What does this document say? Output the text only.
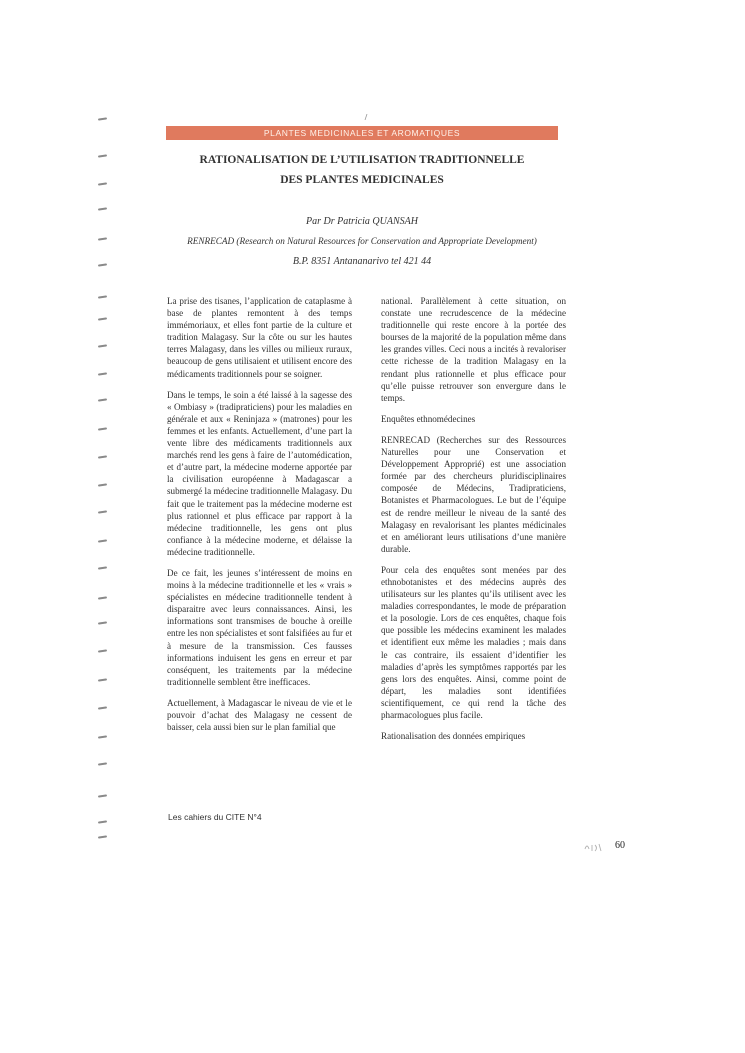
PLANTES MEDICINALES ET AROMATIQUES
RATIONALISATION DE L’UTILISATION TRADITIONNELLE
DES PLANTES MEDICINALES
Par Dr Patricia QUANSAH
RENRECAD (Research on Natural Resources for Conservation and Appropriate Development)
B.P. 8351 Antananarivo tel 421 44

La prise des tisanes, l’application de cataplasme à base de plantes remontent à des temps immémoriaux, et elles font partie de la culture et tradition Malagasy. Sur la côte ou sur les hautes terres Malagasy, dans les villes ou milieux ruraux, beaucoup de gens utilisaient et utilisent encore des médicaments traditionnels pour se soigner.

Dans le temps, le soin a été laissé à la sagesse des « Ombiasy » (tradipraticiens) pour les maladies en générale et aux « Reninjaza » (matrones) pour les femmes et les enfants. Actuellement, d’une part la vente libre des médicaments traditionnels aux marchés rend les gens à faire de l’automédication, et d’autre part, la médecine moderne apportée par la civilisation européenne à Madagascar a submergé la médecine traditionnelle Malagasy. Du fait que le traitement pas la médecine moderne est plus rationnel et plus efficace par rapport à la médecine traditionnelle, les gens ont plus confiance à la médecine moderne, et délaisse la médecine traditionnelle.

De ce fait, les jeunes s’intéressent de moins en moins à la médecine traditionnelle et les « vrais » spécialistes en médecine traditionnelle tendent à disparaitre avec leurs connaissances. Ainsi, les informations sont transmises de bouche à oreille entre les non spécialistes et sont falsifiées au fur et à mesure de la transmission. Ces fausses informations induisent les gens en erreur et par conséquent, les traitements par la médecine traditionnelle semblent être inefficaces.

Actuellement, à Madagascar le niveau de vie et le pouvoir d’achat des Malagasy ne cessent de baisser, cela aussi bien sur le plan familial que

national. Parallèlement à cette situation, on constate une recrudescence de la médecine traditionnelle qui reste encore à la portée des bourses de la majorité de la population même dans les grandes villes. Ceci nous a incités à revaloriser cette richesse de la tradition Malagasy en la rendant plus rationnelle et plus efficace pour qu’elle puisse retrouver son envergure dans le temps.

Enquêtes ethnomédecines

RENRECAD (Recherches sur des Ressources Naturelles pour une Conservation et Développement Approprié) est une association formée par des chercheurs pluridisciplinaires composée de Médecins, Tradipraticiens, Botanistes et Pharmacologues. Le but de l’équipe est de rendre meilleur le niveau de la santé des Malagasy en revalorisant les plantes médicinales et en améliorant leurs utilisations d’une manière durable.

Pour cela des enquêtes sont menées par des ethnobotanistes et des médecins auprès des utilisateurs sur les plantes qu’ils utilisent avec les maladies correspondantes, le mode de préparation et la posologie. Lors de ces enquêtes, chaque fois que possible les médecins examinent les malades et identifient eux même les maladies ; mais dans le cas contraire, ils essaient d’identifier les maladies d’après les symptômes rapportés par les gens lors des enquêtes. Ainsi, comme point de départ, les maladies sont identifiées scientifiquement, ce qui rend la tâche des pharmacologues plus facile.

Rationalisation des données empiriques

Les cahiers du CITE N°4
60
